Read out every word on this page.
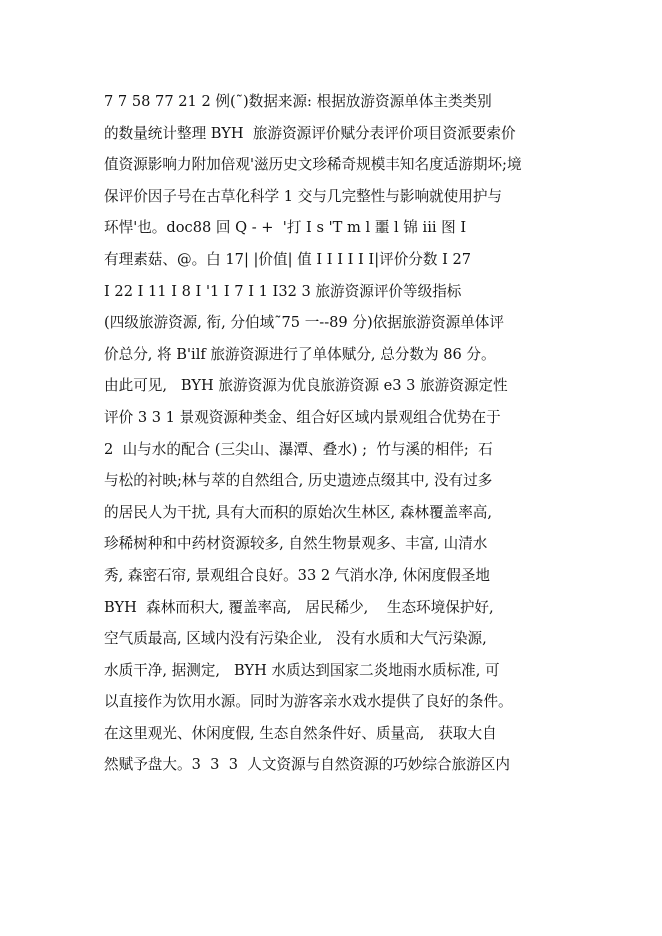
7 7 58 77 21 2 例(˜)数据来源: 根据放游资源单体主类类别
的数量统计整理 BYH  旅游资源评价赋分表评价项目资派要索价
值资源影响力附加倍观'滋历史文珍稀奇规模丰知名度适游期坏;境
保评价因子号在古草化科学 1 交与几完整性与影响就使用护与
环悍'也。doc88 回 Q - +  '打 I s 'T m l 噩 l 锦 iii 图 I
有理素菇、@。白 17| |价值| 值 I I I I I I|评价分数 I 27
I 22 I 11 I 8 I '1 I 7 I 1 I32 3 旅游资源评价等级指标
(四级旅游资源, 衔, 分伯域˜75 一--89 分)依据旅游资源单体评
价总分, 将 B'ilf 旅游资源进行了单体赋分, 总分数为 86 分。
由此可见,   BYH 旅游资源为优良旅游资源 e3 3 旅游资源定性
评价 3 3 1 景观资源种类金、组合好区域内景观组合优势在于
2  山与水的配合 (三尖山、瀑潭、叠水) ;  竹与溪的相伴;  石
与松的衬映;林与萃的自然组合, 历史遗迹点缀其中, 没有过多
的居民人为干扰, 具有大而积的原始次生林区, 森林覆盖率高,
珍稀树种和中药材资源较多, 自然生物景观多、丰富, 山清水
秀, 森密石帘, 景观组合良好。33 2 气消水净, 休闲度假圣地
BYH  森林而积大, 覆盖率高,   居民稀少,    生态环境保护好,
空气质最高, 区域内没有污染企业,   没有水质和大气污染源,
水质干净, 据测定,   BYH 水质达到国家二炎地雨水质标准, 可
以直接作为饮用水源。同时为游客亲水戏水提供了良好的条件。
在这里观光、休闲度假, 生态自然条件好、质量高,   获取大自
然赋予盘大。3  3  3  人文资源与自然资源的巧妙综合旅游区内
